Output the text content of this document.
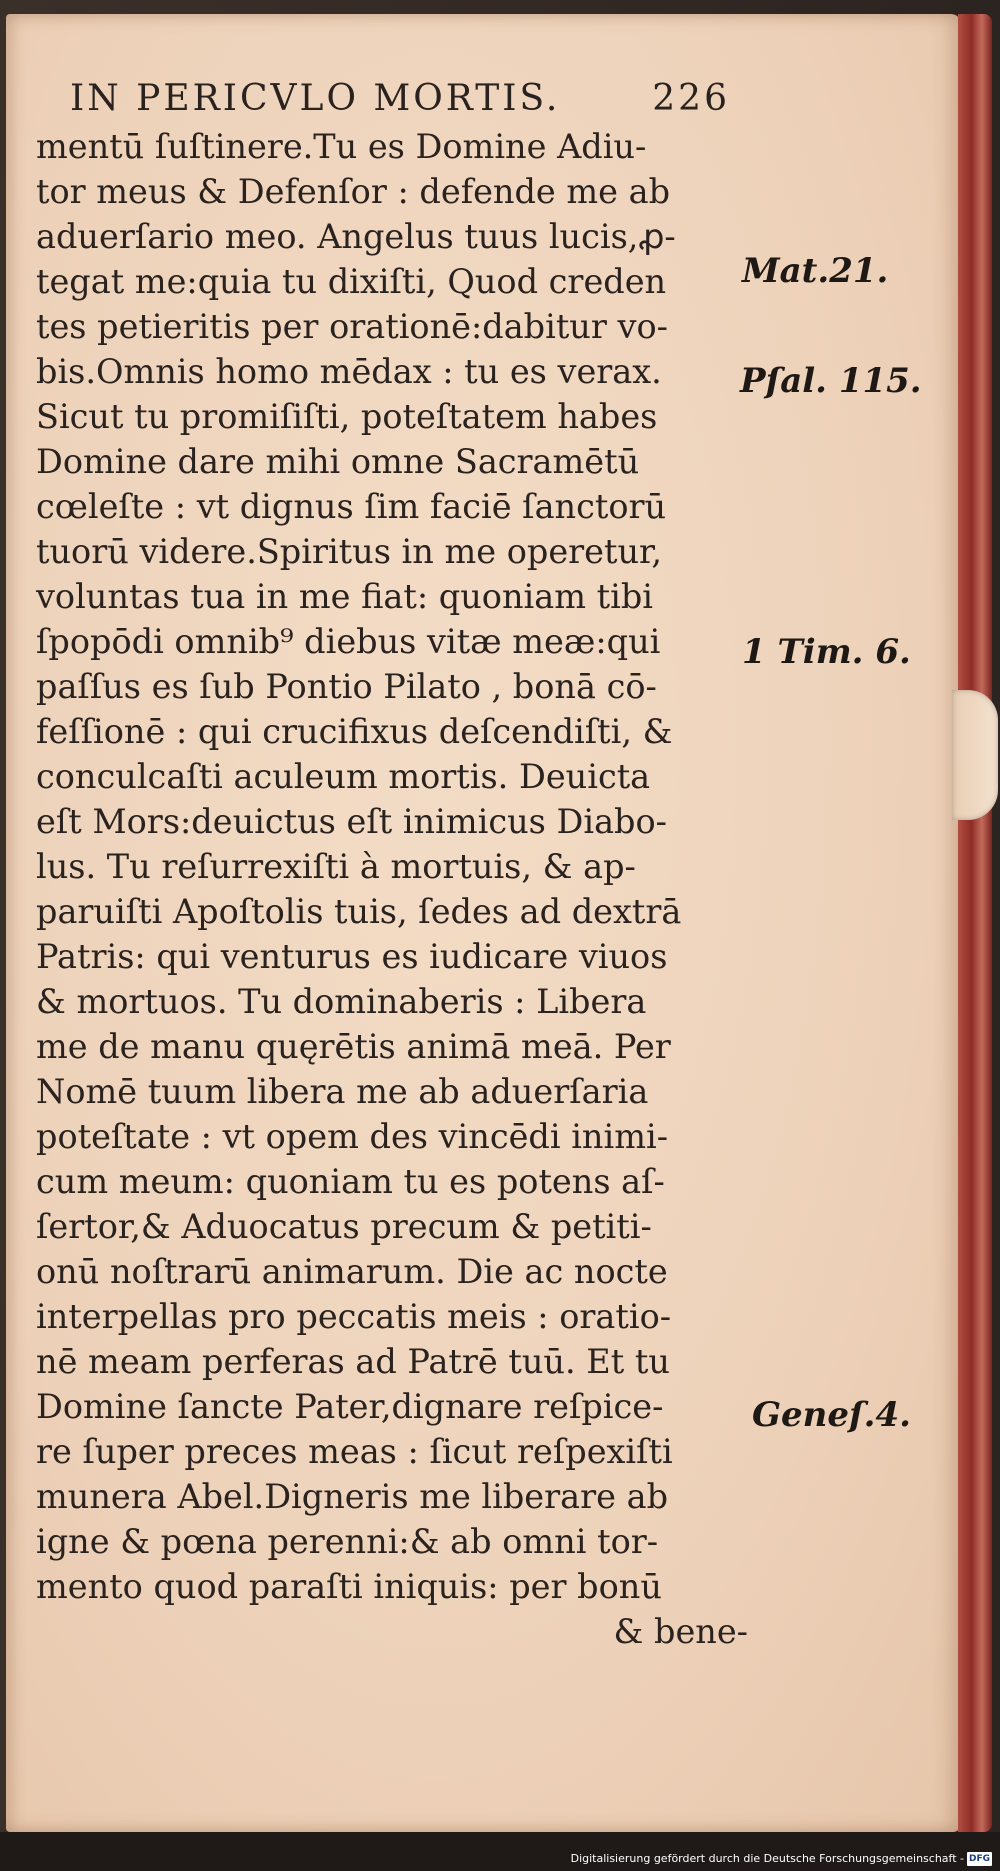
IN PERICVLO MORTIS.	226
mentū ſuſtinere.Tu es Domine Adiu-
tor meus & Defenſor : defende me ab
aduerſario meo. Angelus tuus lucis,ꝓ-
tegat me:quia tu dixiſti, Quod creden
tes petieritis per orationē:dabitur vo-
bis.Omnis homo mēdax : tu es verax.
Sicut tu promiſiſti, poteſtatem habes
Domine dare mihi omne Sacramētū
cœleſte : vt dignus ſim faciē ſanctorū
tuorū videre.Spiritus in me operetur,
voluntas tua in me fiat: quoniam tibi
ſpopōdi omnib⁹ diebus vitæ meæ:qui
paſſus es ſub Pontio Pilato , bonā cō-
feſſionē : qui crucifixus deſcendiſti, &
conculcaſti aculeum mortis. Deuicta
eſt Mors:deuictus eſt inimicus Diabo-
lus. Tu reſurrexiſti à mortuis, & ap-
paruiſti Apoſtolis tuis, ſedes ad dextrā
Patris: qui venturus es iudicare viuos
& mortuos. Tu dominaberis : Libera
me de manu quęrētis animā meā. Per
Nomē tuum libera me ab aduerſaria
poteſtate : vt opem des vincēdi inimi-
cum meum: quoniam tu es potens aſ-
ſertor,& Aduocatus precum & petiti-
onū noſtrarū animarum. Die ac nocte
interpellas pro peccatis meis : oratio-
nē meam perferas ad Patrē tuū. Et tu
Domine ſancte Pater,dignare reſpice-
re ſuper preces meas : ſicut reſpexiſti
munera Abel.Digneris me liberare ab
igne & pœna perenni:& ab omni tor-
mento quod paraſti iniquis: per bonū
& bene-
Mat.21.
Pſal. 115.
1 Tim. 6.
Geneſ.4.
Digitalisierung gefördert durch die Deutsche Forschungsgemeinschaft - DFG
